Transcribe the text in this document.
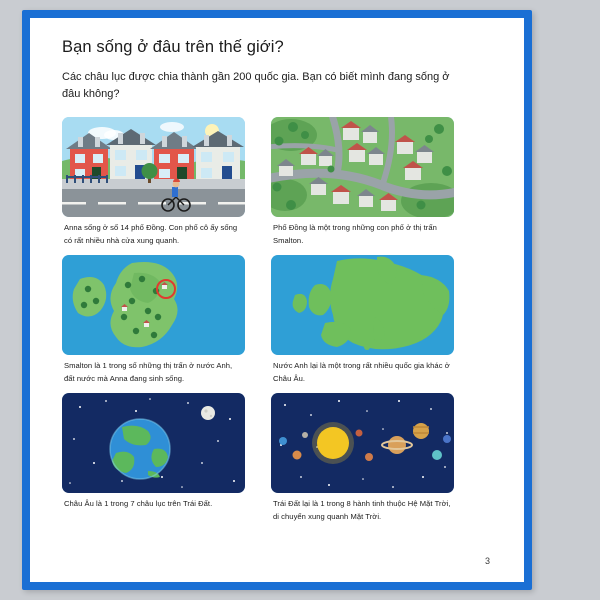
Bạn sống ở đâu trên thế giới?

Các châu lục được chia thành gần 200 quốc gia. Bạn có biết mình đang sống ở đâu không?

Anna sống ở số 14 phố Đồng. Con phố cô ấy sống có rất nhiều nhà cửa xung quanh.
Phố Đồng là một trong những con phố ở thị trấn Smalton.
Smalton là 1 trong số những thị trấn ở nước Anh, đất nước mà Anna đang sinh sống.
Nước Anh lại là một trong rất nhiều quốc gia khác ở Châu Âu.
Châu Âu là 1 trong 7 châu lục trên Trái Đất.	Trái Đất lại là 1 trong 8 hành tinh thuộc Hệ Mặt Trời, di chuyển xung quanh Mặt Trời.
3
